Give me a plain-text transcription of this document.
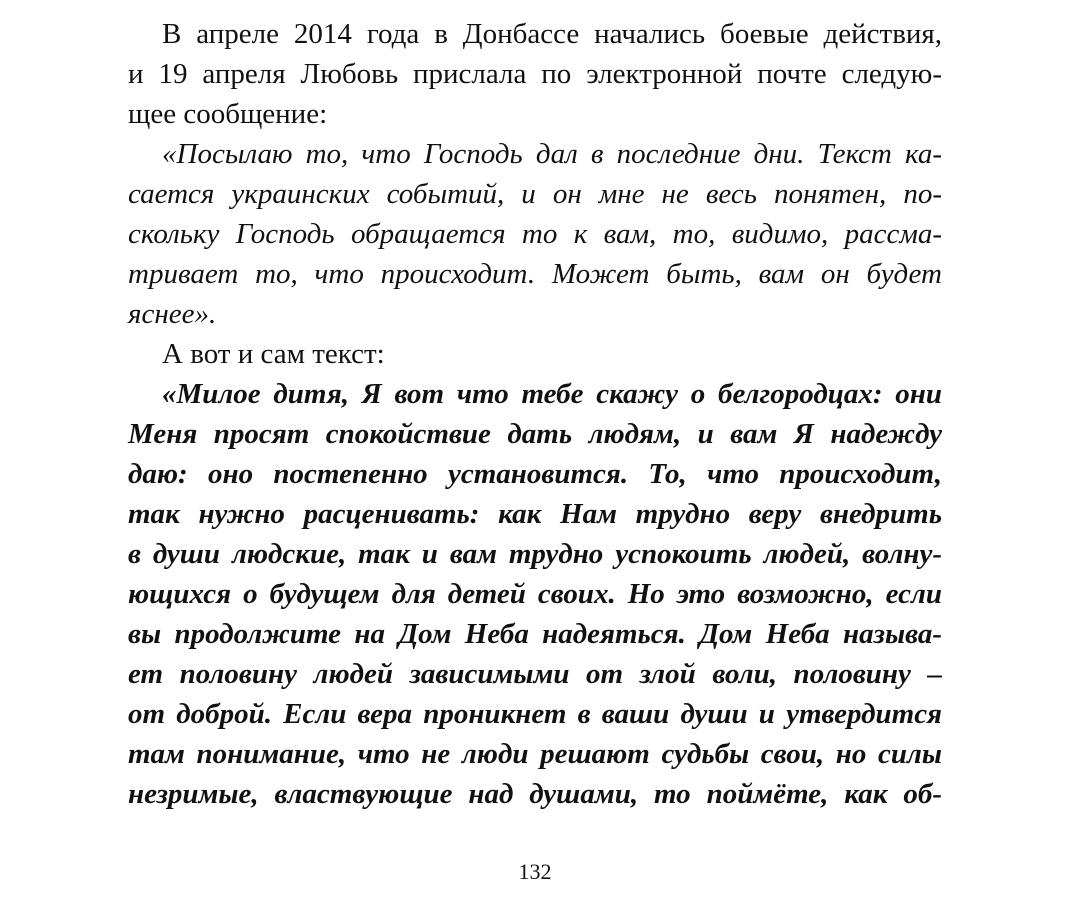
В апреле 2014 года в Донбассе начались боевые действия,
и 19 апреля Любовь прислала по электронной почте следую-
щее сообщение:
«Посылаю то, что Господь дал в последние дни. Текст ка-
сается украинских событий, и он мне не весь понятен, по-
скольку Господь обращается то к вам, то, видимо, рассма-
тривает то, что происходит. Может быть, вам он будет
яснее».
А вот и сам текст:
«Милое дитя, Я вот что тебе скажу о белгородцах: они
Меня просят спокойствие дать людям, и вам Я надежду
даю: оно постепенно установится. То, что происходит,
так нужно расценивать: как Нам трудно веру внедрить
в души людские, так и вам трудно успокоить людей, волну-
ющихся о будущем для детей своих. Но это возможно, если
вы продолжите на Дом Неба надеяться. Дом Неба называ-
ет половину людей зависимыми от злой воли, половину –
от доброй. Если вера проникнет в ваши души и утвердится
там понимание, что не люди решают судьбы свои, но силы
незримые, властвующие над душами, то поймёте, как об-
132
